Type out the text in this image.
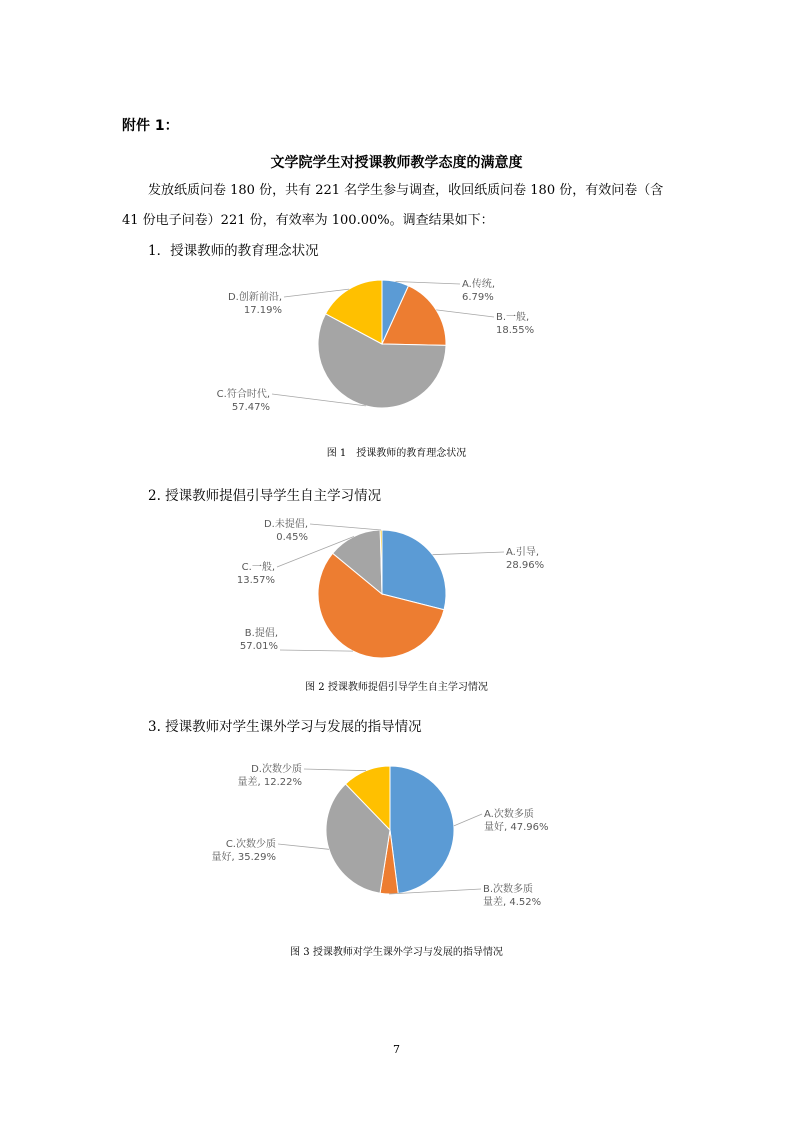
附件 1：
文学院学生对授课教师教学态度的满意度
发放纸质问卷 180 份，共有 221 名学生参与调查，收回纸质问卷 180 份，有效问卷（含
41 份电子问卷）221 份，有效率为 100.00%。调查结果如下：
1．授课教师的教育理念状况
A.传统, 6.79%
B.一般, 18.55%
C.符合时代, 57.47%
D.创新前沿, 17.19%
图 1　授课教师的教育理念状况
2. 授课教师提倡引导学生自主学习情况
A.引导, 28.96%
B.提倡, 57.01%
C.一般, 13.57%
D.未提倡, 0.45%
图 2 授课教师提倡引导学生自主学习情况
3. 授课教师对学生课外学习与发展的指导情况
A.次数多质量好, 47.96%
B.次数多质量差, 4.52%
C.次数少质量好, 35.29%
D.次数少质量差, 12.22%
图 3 授课教师对学生课外学习与发展的指导情况
7
